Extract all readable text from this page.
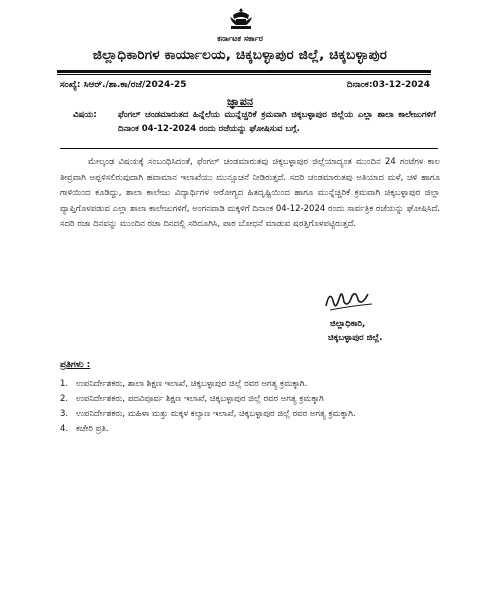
ಕರ್ನಾಟಕ ಸರ್ಕಾರ
ಜಿಲ್ಲಾಧಿಕಾರಿಗಳ ಕಾರ್ಯಾಲಯ, ಚಿಕ್ಕಬಳ್ಳಾಪುರ ಜಿಲ್ಲೆ, ಚಿಕ್ಕಬಳ್ಳಾಪುರ
ಸಂಖ್ಯೆ: ಸಿಆರ್./ಶಾ.ಕಾ/ರಜೆ/2024-25	ದಿನಾಂಕ:03-12-2024
ಜ್ಞಾಪನ
ವಿಷಯ: ಫೆಂಗಲ್ ಚಂಡಮಾರುತದ ಹಿನ್ನೆಲೆಯ ಮುನ್ನೆಚ್ಚರಿಕೆ ಕ್ರಮವಾಗಿ ಚಿಕ್ಕಬಳ್ಳಾಪುರ ಜಿಲ್ಲೆಯ ಎಲ್ಲಾ ಶಾಲಾ ಕಾಲೇಜುಗಳಿಗೆ ದಿನಾಂಕ 04-12-2024 ರಂದು ರಜೆಯನ್ನು ಘೋಷಿಸುವ ಬಗ್ಗೆ.
ಮೇಲ್ಕಂಡ ವಿಷಯಕ್ಕೆ ಸಂಬಂಧಿಸಿದಂತೆ, ಫೆಂಗಲ್ ಚಂಡಮಾರುತವು ಚಿಕ್ಕಬಳ್ಳಾಪುರ ಜಿಲ್ಲೆಯಾದ್ಯಂತ ಮುಂದಿನ 24 ಗಂಟೆಗಳ ಕಾಲ ತೀವ್ರವಾಗಿ ಅಪ್ಪಳಿಸಲಿರುವುದಾಗಿ ಹವಾಮಾನ ಇಲಾಖೆಯು ಮುನ್ಸೂಚನೆ ನೀಡಿರುತ್ತದೆ. ಸದರಿ ಚಂಡಮಾರುತವು ಅತಿಯಾದ ಮಳೆ, ಚಳಿ ಹಾಗೂ ಗಾಳಿಯಿಂದ ಕೂಡಿದ್ದು, ಶಾಲಾ ಕಾಲೇಜು ವಿದ್ಯಾರ್ಥಿಗಳ ಆರೋಗ್ಯದ ಹಿತದೃಷ್ಟಿಯಿಂದ ಹಾಗೂ ಮುನ್ನೆಚ್ಚರಿಕೆ ಕ್ರಮವಾಗಿ ಚಿಕ್ಕಬಳ್ಳಾಪುರ ಜಿಲ್ಲಾ ವ್ಯಾಪ್ತಿಗೊಳಪಡುವ ಎಲ್ಲಾ ಶಾಲಾ ಕಾಲೇಜುಗಳಿಗೆ, ಅಂಗನವಾಡಿ ಮಕ್ಕಳಿಗೆ ದಿನಾಂಕ 04-12-2024 ರಂದು ಸಾರ್ವತ್ರಿಕ ರಜೆಯನ್ನು ಘೋಷಿಸಿದೆ. ಸದರಿ ರಜಾ ದಿನವನ್ನು ಮುಂದಿನ ರಜಾ ದಿನದಲ್ಲಿ ಸರಿದೂಗಿಸಿ, ಪಾಠ ಬೋಧನೆ ಮಾಡುವ ಷರತ್ತಿಗೊಳಪಟ್ಟಿರುತ್ತದೆ.
ಜಿಲ್ಲಾಧಿಕಾರಿ,
ಚಿಕ್ಕಬಳ್ಳಾಪುರ ಜಿಲ್ಲೆ.
ಪ್ರತಿಗಳು :
1. ಉಪನಿರ್ದೇಶಕರು, ಶಾಲಾ ಶಿಕ್ಷಣ ಇಲಾಖೆ, ಚಿಕ್ಕಬಳ್ಳಾಪುರ ಜಿಲ್ಲೆ ರವರ ಅಗತ್ಯ ಕ್ರಮಕ್ಕಾಗಿ.
2. ಉಪನಿರ್ದೇಶಕರು, ಪದವಿಪೂರ್ವ ಶಿಕ್ಷಣ ಇಲಾಖೆ, ಚಿಕ್ಕಬಳ್ಳಾಪುರ ಜಿಲ್ಲೆ ರವರ ಅಗತ್ಯ ಕ್ರಮಕ್ಕಾಗಿ
3. ಉಪನಿರ್ದೇಶಕರು, ಮಹಿಳಾ ಮತ್ತು ಮಕ್ಕಳ ಕಲ್ಯಾಣ ಇಲಾಖೆ, ಚಿಕ್ಕಬಳ್ಳಾಪುರ ಜಿಲ್ಲೆ ರವರ ಅಗತ್ಯ ಕ್ರಮಕ್ಕಾಗಿ.
4. ಕಚೇರಿ ಪ್ರತಿ.
